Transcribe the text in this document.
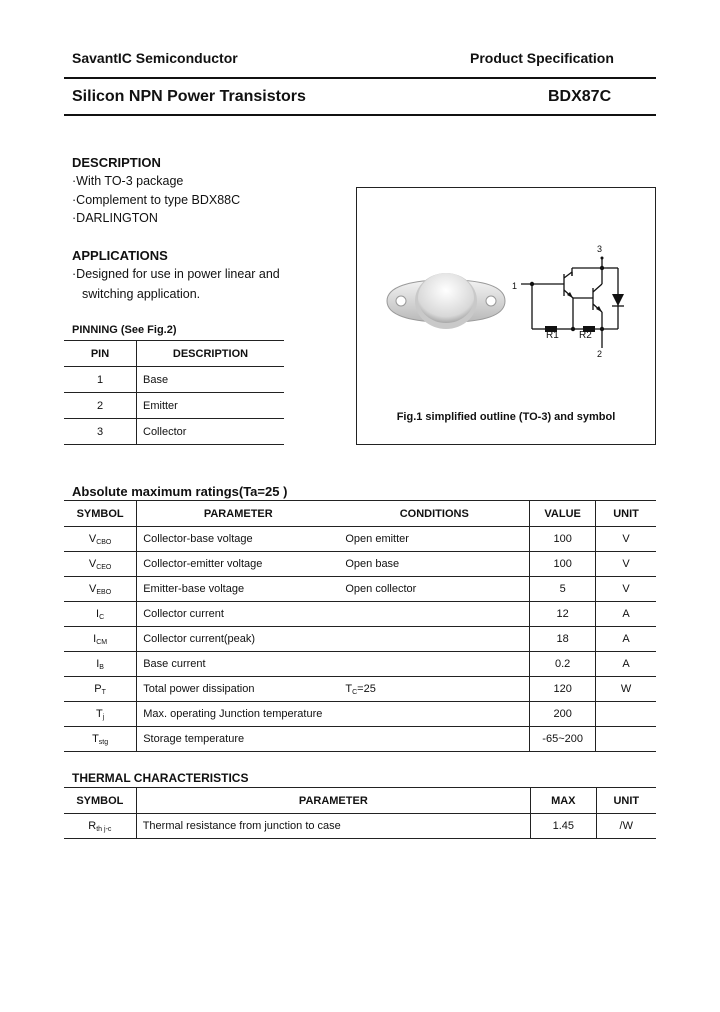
SavantIC Semiconductor	Product Specification
Silicon NPN Power Transistors	BDX87C
DESCRIPTION
·With TO-3 package
·Complement to type BDX88C
·DARLINGTON
APPLICATIONS
·Designed for use in power linear and
switching application.
PINNING (See Fig.2)
PIN	DESCRIPTION
1	Base
2	Emitter
3	Collector
3
1
2
R1 R2
Fig.1 simplified outline (TO-3) and symbol
Absolute maximum ratings(Ta=25 )
SYMBOL	PARAMETER	CONDITIONS	VALUE	UNIT
$V_{CBO}$	Collector-base voltage	Open emitter	100	V
$V_{CEO}$	Collector-emitter voltage	Open base	100	V
$V_{EBO}$	Emitter-base voltage	Open collector	5	V
$I_C$	Collector current		12	A
$I_{CM}$	Collector current(peak)		18	A
$I_B$	Base current		0.2	A
$P_T$	Total power dissipation	$T_C=25$	120	W
$T_j$	Max. operating Junction temperature		200	
$T_{stg}$	Storage temperature		-65~200	
THERMAL CHARACTERISTICS
SYMBOL	PARAMETER	MAX	UNIT
$R_{th j-c}$	Thermal resistance from junction to case	1.45	/W
